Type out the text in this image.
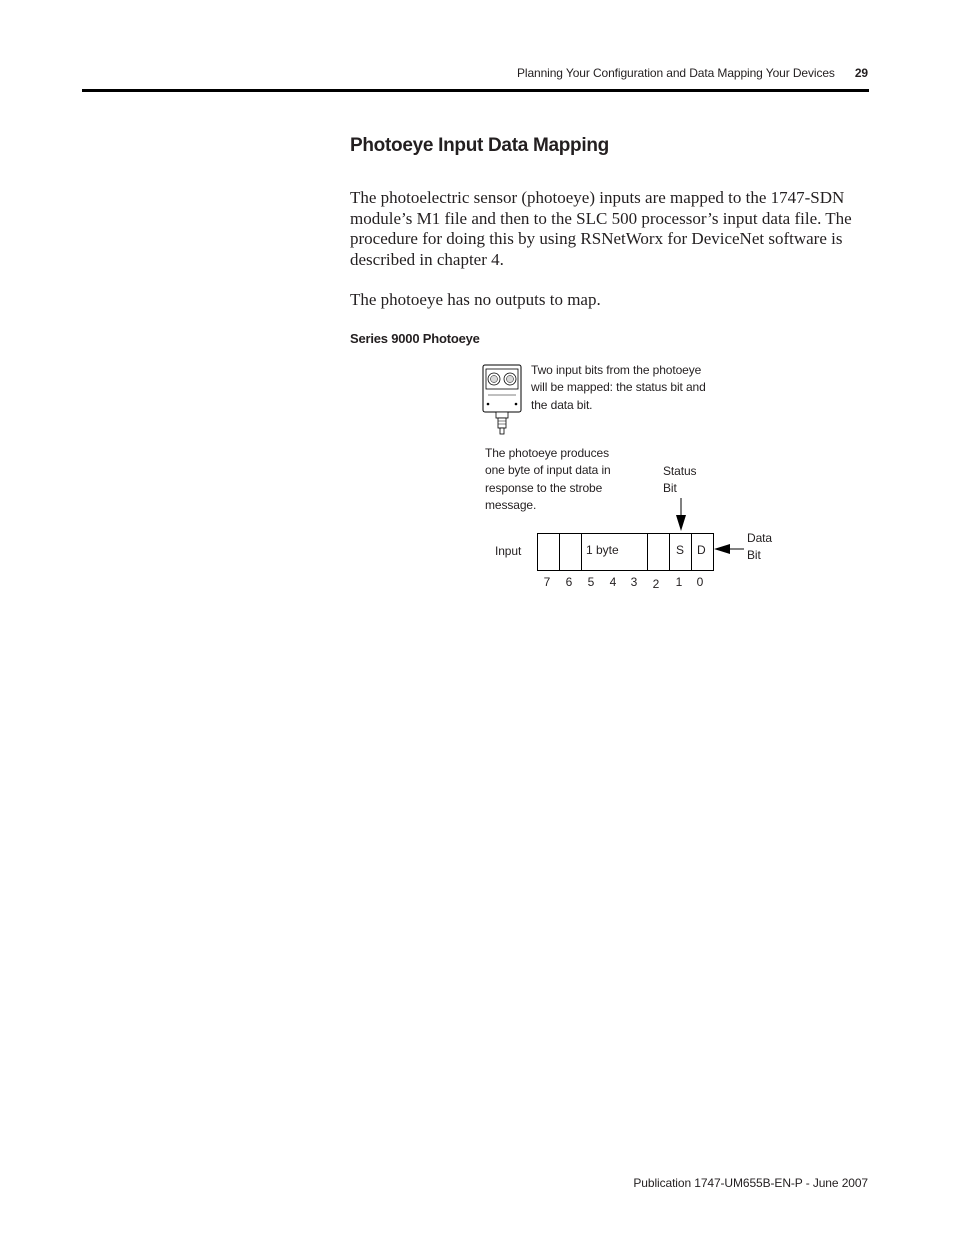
Planning Your Configuration and Data Mapping Your Devices 29
Photoeye Input Data Mapping

The photoelectric sensor (photoeye) inputs are mapped to the 1747-SDN module’s M1 file and then to the SLC 500 processor’s input data file. The procedure for doing this by using RSNetWorx for DeviceNet software is described in chapter 4.

The photoeye has no outputs to map.

Series 9000 Photoeye
Two input bits from the photoeye will be mapped: the status bit and the data bit.
The photoeye produces one byte of input data in response to the strobe message.
Status Bit
Data Bit
Input	1 byte	S D
7	6	5	4	3	2	1	0
Publication 1747-UM655B-EN-P - June 2007
